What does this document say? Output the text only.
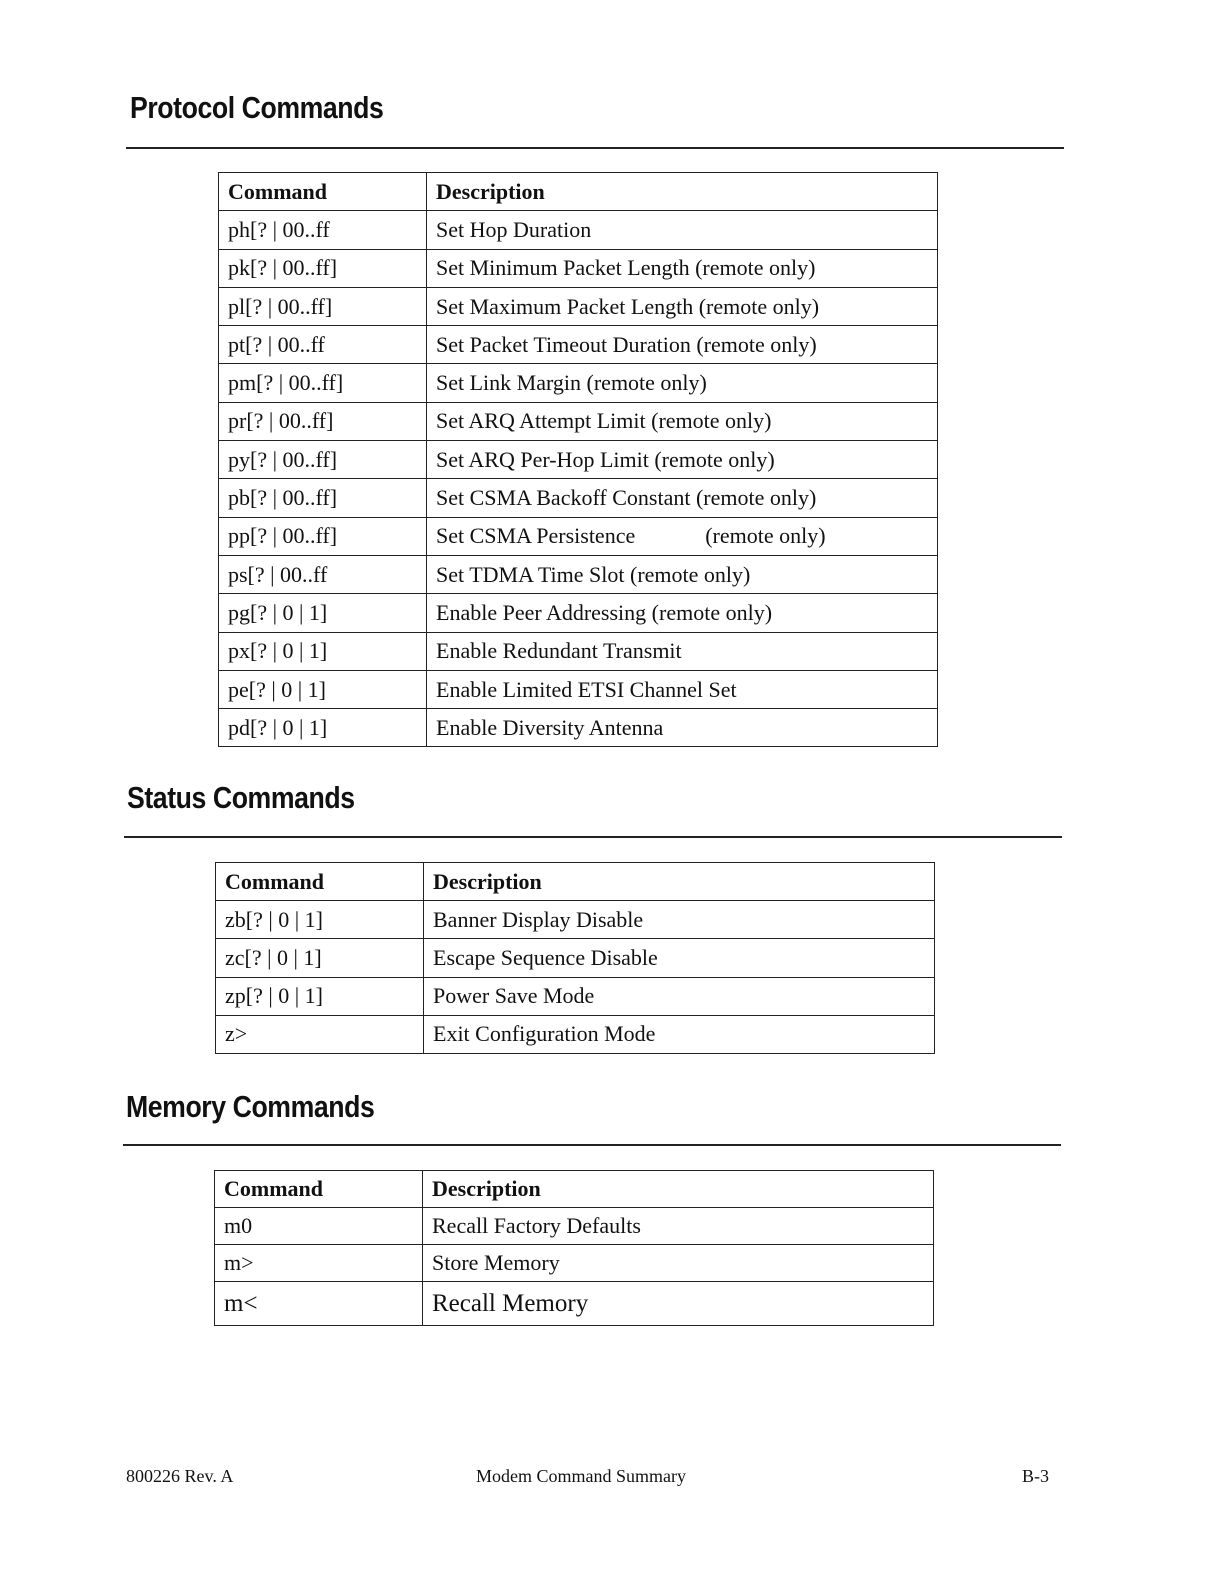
Protocol Commands
Command	Description
ph[? | 00..ff	Set Hop Duration
pk[? | 00..ff]	Set Minimum Packet Length (remote only)
pl[? | 00..ff]	Set Maximum Packet Length (remote only)
pt[? | 00..ff	Set Packet Timeout Duration (remote only)
pm[? | 00..ff]	Set Link Margin (remote only)
pr[? | 00..ff]	Set ARQ Attempt Limit (remote only)
py[? | 00..ff]	Set ARQ Per-Hop Limit (remote only)
pb[? | 00..ff]	Set CSMA Backoff Constant (remote only)
pp[? | 00..ff]	Set CSMA Persistence (remote only)
ps[? | 00..ff	Set TDMA Time Slot (remote only)
pg[? | 0 | 1]	Enable Peer Addressing (remote only)
px[? | 0 | 1]	Enable Redundant Transmit
pe[? | 0 | 1]	Enable Limited ETSI Channel Set
pd[? | 0 | 1]	Enable Diversity Antenna
Status Commands
Command	Description
zb[? | 0 | 1]	Banner Display Disable
zc[? | 0 | 1]	Escape Sequence Disable
zp[? | 0 | 1]	Power Save Mode
z>	Exit Configuration Mode
Memory Commands
Command	Description
m0	Recall Factory Defaults
m>	Store Memory
m<	Recall Memory
800226 Rev. A	Modem Command Summary	B-3
